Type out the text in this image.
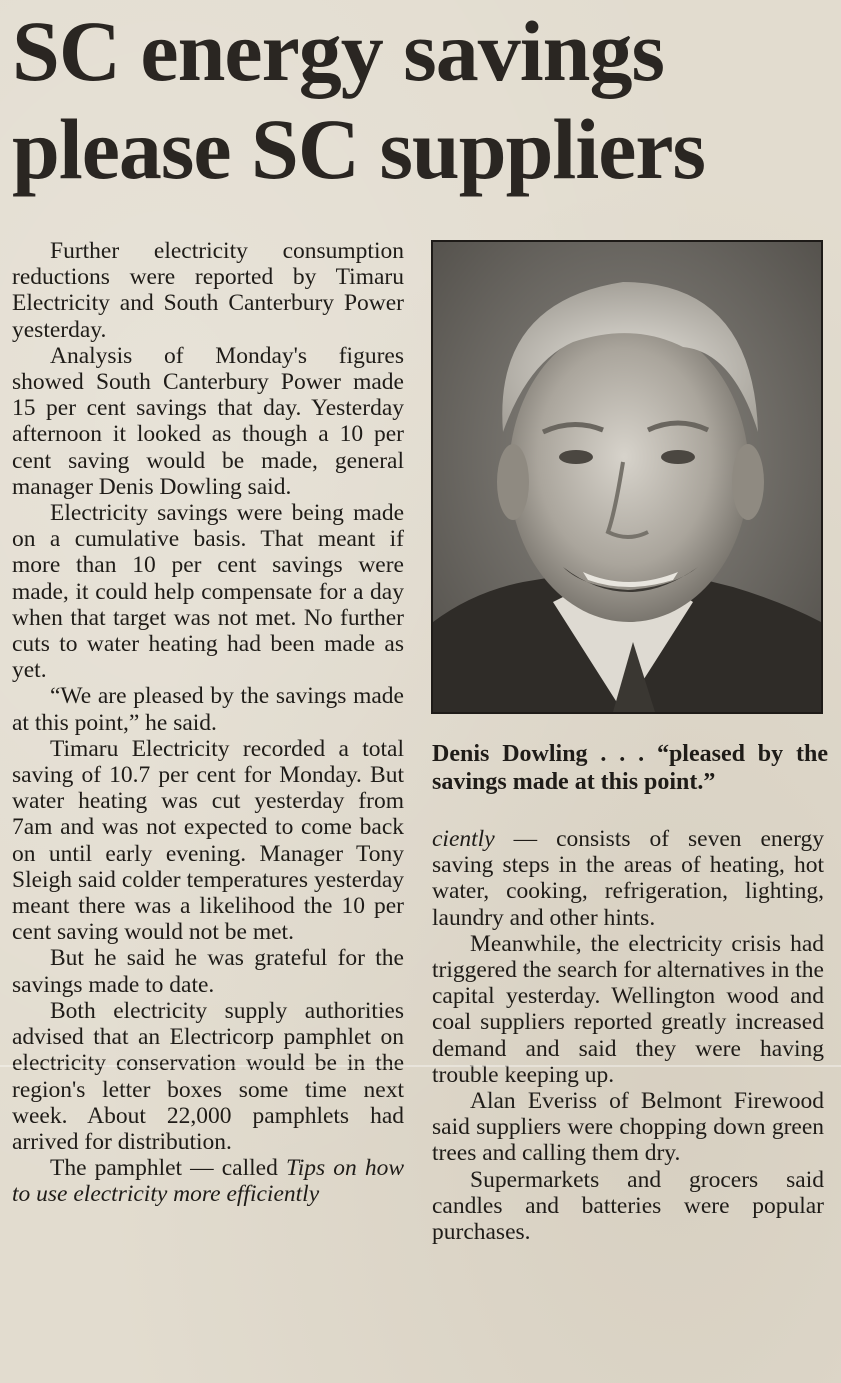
SC energy savings
please SC suppliers

Further electricity consumption reductions were reported by Timaru Electricity and South Canterbury Power yesterday.

Analysis of Monday's figures showed South Canterbury Power made 15 per cent savings that day. Yesterday afternoon it looked as though a 10 per cent saving would be made, general manager Denis Dowling said.

Electricity savings were being made on a cumulative basis. That meant if more than 10 per cent savings were made, it could help compensate for a day when that target was not met. No further cuts to water heating had been made as yet.

“We are pleased by the savings made at this point,” he said.

Timaru Electricity recorded a total saving of 10.7 per cent for Monday. But water heating was cut yesterday from 7am and was not expected to come back on until early evening. Manager Tony Sleigh said colder temperatures yesterday meant there was a likelihood the 10 per cent saving would not be met.

But he said he was grateful for the savings made to date.

Both electricity supply authorities advised that an Electricorp pamphlet on electricity conservation would be in the region's letter boxes some time next week. About 22,000 pamphlets had arrived for distribution.

The pamphlet — called Tips on how to use electricity more efficiently

Denis Dowling . . . “pleased by the savings made at this point.”

ciently — consists of seven energy saving steps in the areas of heating, hot water, cooking, refrigeration, lighting, laundry and other hints.

Meanwhile, the electricity crisis had triggered the search for alternatives in the capital yesterday. Wellington wood and coal suppliers reported greatly increased demand and said they were having trouble keeping up.

Alan Everiss of Belmont Firewood said suppliers were chopping down green trees and calling them dry.

Supermarkets and grocers said candles and batteries were popular purchases.
